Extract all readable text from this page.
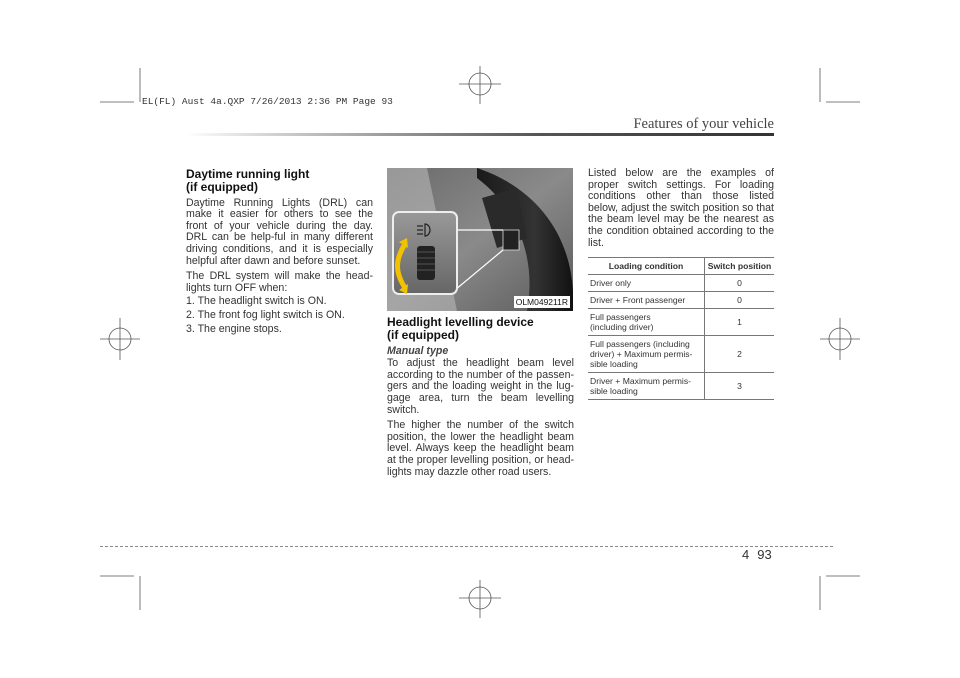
EL(FL) Aust 4a.QXP 7/26/2013 2:36 PM Page 93
Features of your vehicle
Daytime running light
(if equipped)

Daytime Running Lights (DRL) can make it easier for others to see the front of your vehicle during the day. DRL can be help-ful in many different driving conditions, and it is especially helpful after dawn and before sunset.

The DRL system will make the head-lights turn OFF when:

1. The headlight switch is ON.

2. The front fog light switch is ON.

3. The engine stops.

OLM049211R
Headlight levelling device
(if equipped)

Manual type

To adjust the headlight beam level according to the number of the passen-gers and the loading weight in the lug-gage area, turn the beam levelling switch.

The higher the number of the switch position, the lower the headlight beam level. Always keep the headlight beam at the proper levelling position, or head-lights may dazzle other road users.

Listed below are the examples of proper switch settings. For loading conditions other than those listed below, adjust the switch position so that the beam level may be the nearest as the condition obtained according to the list.

Loading condition	Switch position
Driver only	0
Driver + Front passenger	0
Full passengers
(including driver)	1
Full passengers (including
driver) + Maximum permis-
sible loading	2
Driver + Maximum permis-
sible loading	3
4 93
